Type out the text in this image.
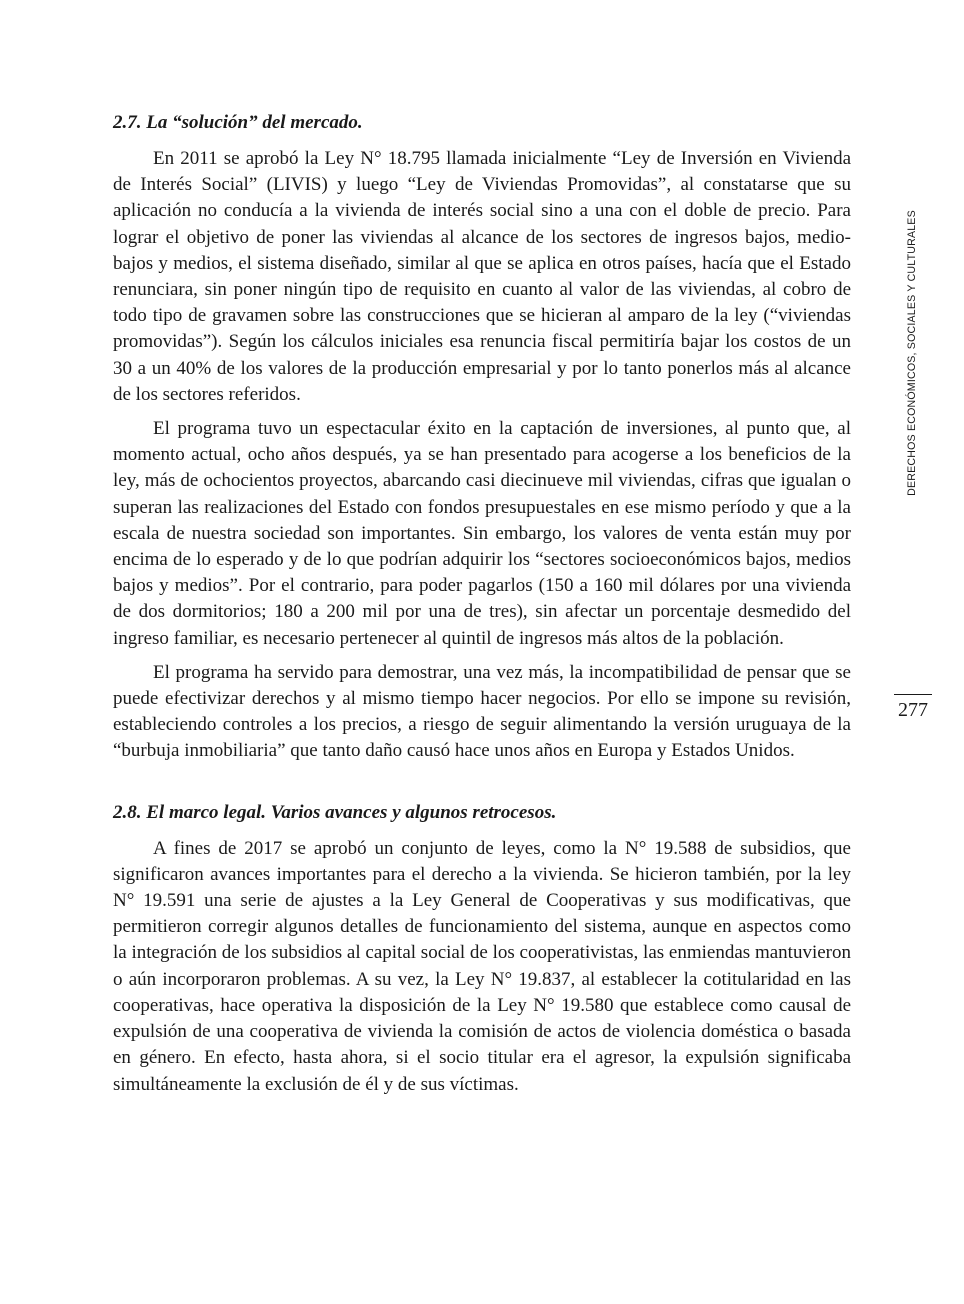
2.7. La “solución” del mercado.

En 2011 se aprobó la Ley N° 18.795 llamada inicialmente “Ley de Inversión en Vivienda de Interés Social” (LIVIS) y luego “Ley de Viviendas Promovidas”, al constatarse que su aplicación no conducía a la vivienda de interés social sino a una con el doble de precio. Para lograr el objetivo de poner las viviendas al alcance de los sectores de ingresos bajos, medio-bajos y medios, el sistema diseñado, similar al que se aplica en otros países, hacía que el Estado renunciara, sin poner ningún tipo de requisito en cuanto al valor de las viviendas, al cobro de todo tipo de gravamen sobre las construcciones que se hicieran al amparo de la ley (“viviendas promovidas”). Según los cálculos iniciales esa renuncia fiscal permitiría bajar los costos de un 30 a un 40% de los valores de la producción empresarial y por lo tanto ponerlos más al alcance de los sectores referidos.

El programa tuvo un espectacular éxito en la captación de inversiones, al punto que, al momento actual, ocho años después, ya se han presentado para acogerse a los beneficios de la ley, más de ochocientos proyectos, abarcando casi diecinueve mil viviendas, cifras que igualan o superan las realizaciones del Estado con fondos presupuestales en ese mismo período y que a la escala de nuestra sociedad son importantes. Sin embargo, los valores de venta están muy por encima de lo esperado y de lo que podrían adquirir los “sectores socioeconómicos bajos, medios bajos y medios”. Por el contrario, para poder pagarlos (150 a 160 mil dólares por una vivienda de dos dormitorios; 180 a 200 mil por una de tres), sin afectar un porcentaje desmedido del ingreso familiar, es necesario pertenecer al quintil de ingresos más altos de la población.

El programa ha servido para demostrar, una vez más, la incompatibilidad de pensar que se puede efectivizar derechos y al mismo tiempo hacer negocios. Por ello se impone su revisión, estableciendo controles a los precios, a riesgo de seguir alimentando la versión uruguaya de la “burbuja inmobiliaria” que tanto daño causó hace unos años en Europa y Estados Unidos.

2.8. El marco legal. Varios avances y algunos retrocesos.

A fines de 2017 se aprobó un conjunto de leyes, como la N° 19.588 de subsidios, que significaron avances importantes para el derecho a la vivienda. Se hicieron también, por la ley N° 19.591 una serie de ajustes a la Ley General de Cooperativas y sus modificativas, que permitieron corregir algunos detalles de funcionamiento del sistema, aunque en aspectos como la integración de los subsidios al capital social de los cooperativistas, las enmiendas mantuvieron o aún incorporaron problemas. A su vez, la Ley N° 19.837, al establecer la cotitularidad en las cooperativas, hace operativa la disposición de la Ley N° 19.580 que establece como causal de expulsión de una cooperativa de vivienda la comisión de actos de violencia doméstica o basada en género. En efecto, hasta ahora, si el socio titular era el agresor, la expulsión significaba simultáneamente la exclusión de él y de sus víctimas.

DERECHOS ECONÓMICOS, SOCIALES Y CULTURALES
277
